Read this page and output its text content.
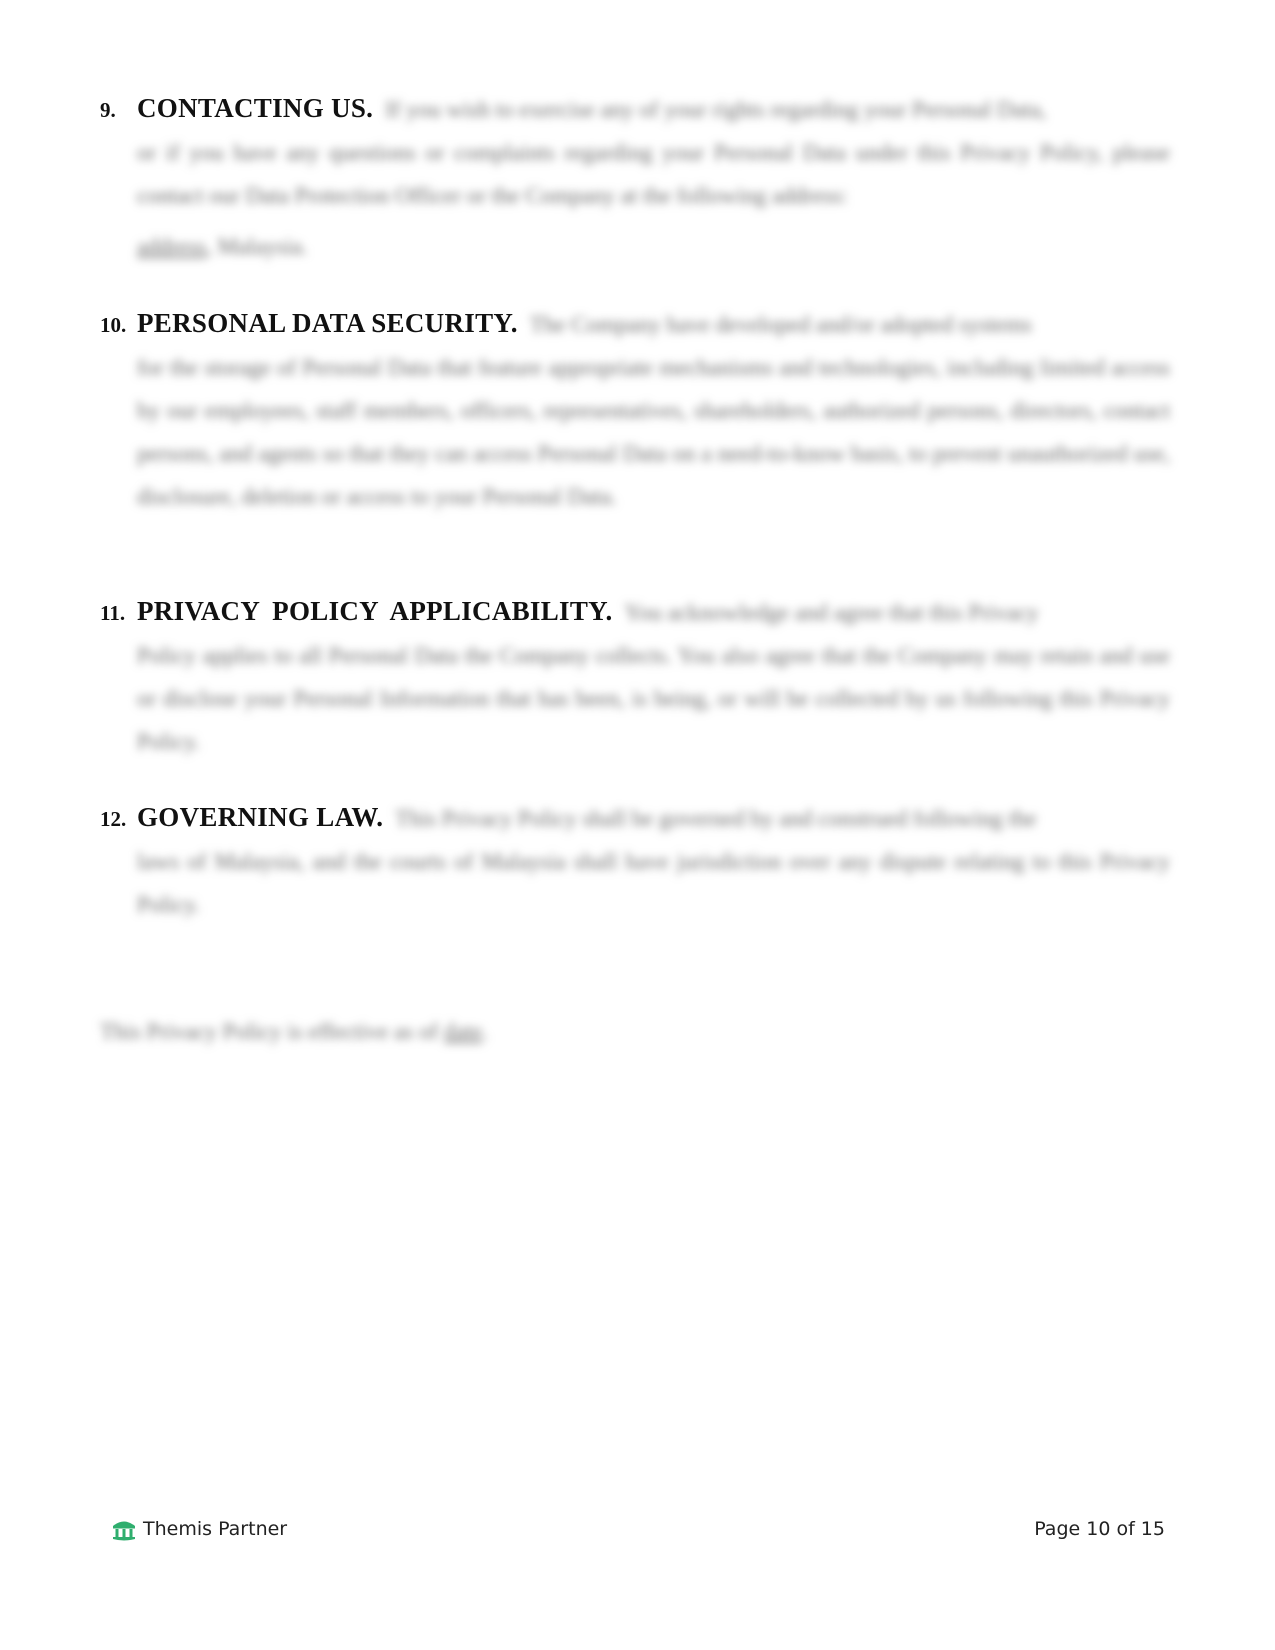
9. CONTACTING US. If you wish to exercise any of your rights regarding your Personal Data,
or if you have any questions or complaints regarding your Personal Data under this Privacy Policy, please contact our Data Protection Officer or the Company at the following address:
address, Malaysia.
10. PERSONAL DATA SECURITY. The Company have developed and/or adopted systems
for the storage of Personal Data that feature appropriate mechanisms and technologies, including limited access by our employees, staff members, officers, representatives, shareholders, authorized persons, directors, contact persons, and agents so that they can access Personal Data on a need-to-know basis, to prevent unauthorized use, disclosure, deletion or access to your Personal Data.
11. PRIVACY POLICY APPLICABILITY. You acknowledge and agree that this Privacy
Policy applies to all Personal Data the Company collects. You also agree that the Company may retain and use or disclose your Personal Information that has been, is being, or will be collected by us following this Privacy Policy.
12. GOVERNING LAW. This Privacy Policy shall be governed by and construed following the
laws of Malaysia, and the courts of Malaysia shall have jurisdiction over any dispute relating to this Privacy Policy.
This Privacy Policy is effective as of date.
Themis Partner	Page 10 of 15
